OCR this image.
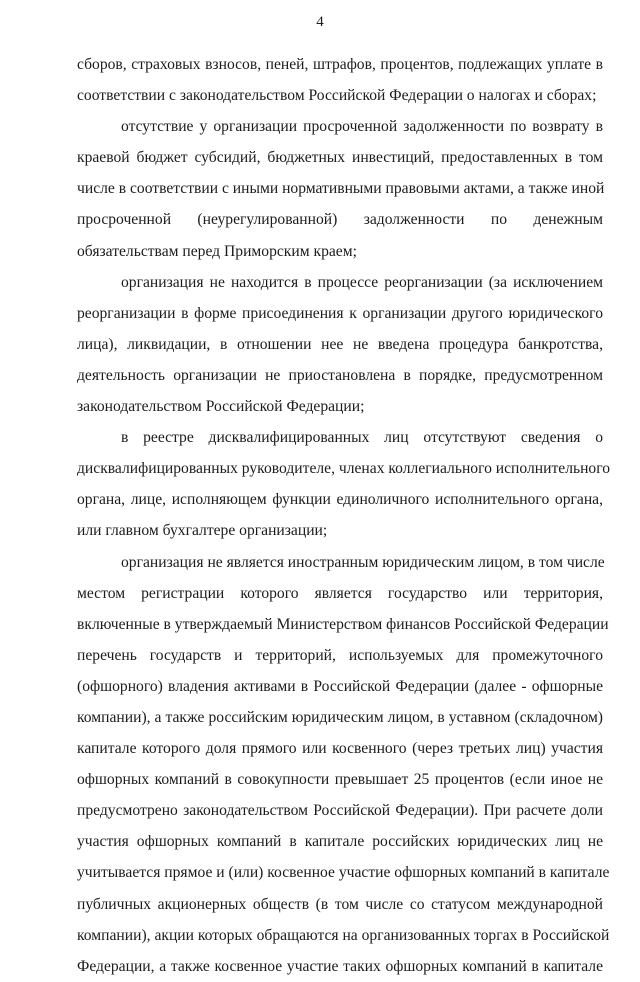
4
сборов, страховых взносов, пеней, штрафов, процентов, подлежащих уплате в
соответствии с законодательством Российской Федерации о налогах и сборах;
отсутствие у организации просроченной задолженности по возврату в
краевой бюджет субсидий, бюджетных инвестиций, предоставленных в том
числе в соответствии с иными нормативными правовыми актами, а также иной
просроченной (неурегулированной) задолженности по денежным
обязательствам перед Приморским краем;
организация не находится в процессе реорганизации (за исключением
реорганизации в форме присоединения к организации другого юридического
лица), ликвидации, в отношении нее не введена процедура банкротства,
деятельность организации не приостановлена в порядке, предусмотренном
законодательством Российской Федерации;
в реестре дисквалифицированных лиц отсутствуют сведения о
дисквалифицированных руководителе, членах коллегиального исполнительного
органа, лице, исполняющем функции единоличного исполнительного органа,
или главном бухгалтере организации;
организация не является иностранным юридическим лицом, в том числе
местом регистрации которого является государство или территория,
включенные в утверждаемый Министерством финансов Российской Федерации
перечень государств и территорий, используемых для промежуточного
(офшорного) владения активами в Российской Федерации (далее - офшорные
компании), а также российским юридическим лицом, в уставном (складочном)
капитале которого доля прямого или косвенного (через третьих лиц) участия
офшорных компаний в совокупности превышает 25 процентов (если иное не
предусмотрено законодательством Российской Федерации). При расчете доли
участия офшорных компаний в капитале российских юридических лиц не
учитывается прямое и (или) косвенное участие офшорных компаний в капитале
публичных акционерных обществ (в том числе со статусом международной
компании), акции которых обращаются на организованных торгах в Российской
Федерации, а также косвенное участие таких офшорных компаний в капитале
